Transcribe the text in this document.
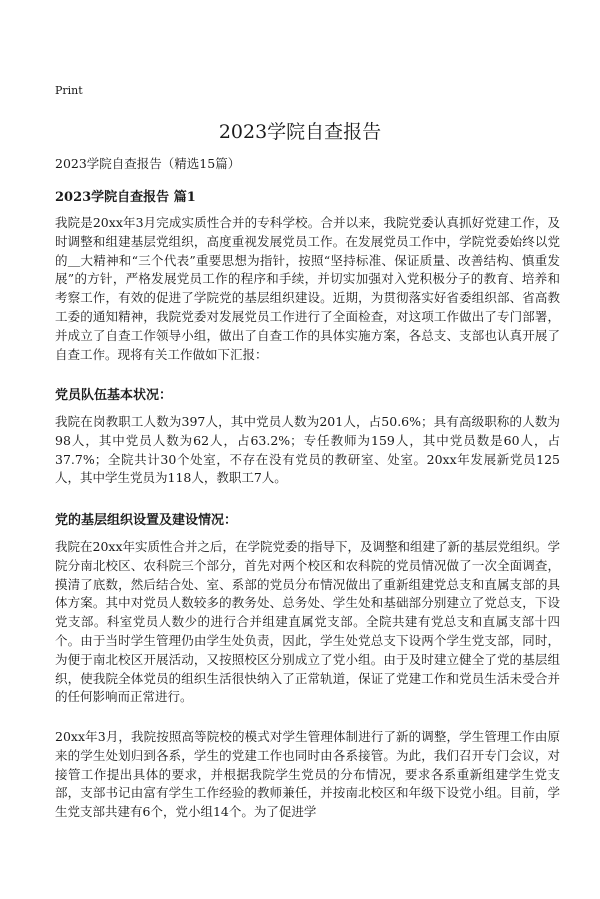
Print
2023学院自查报告
2023学院自查报告（精选15篇）
2023学院自查报告 篇1

我院是20xx年3月完成实质性合并的专科学校。合并以来，我院党委认真抓好党建工作，及时调整和组建基层党组织，高度重视发展党员工作。在发展党员工作中，学院党委始终以党的＿大精神和“三个代表”重要思想为指针，按照“坚持标准、保证质量、改善结构、慎重发展”的方针，严格发展党员工作的程序和手续，并切实加强对入党积极分子的教育、培养和考察工作，有效的促进了学院党的基层组织建设。近期，为贯彻落实好省委组织部、省高教工委的通知精神，我院党委对发展党员工作进行了全面检查，对这项工作做出了专门部署，并成立了自查工作领导小组，做出了自查工作的具体实施方案，各总支、支部也认真开展了自查工作。现将有关工作做如下汇报：

党员队伍基本状况：

我院在岗教职工人数为397人，其中党员人数为201人，占50.6%；具有高级职称的人数为98人，其中党员人数为62人，占63.2%；专任教师为159人，其中党员数是60人，占37.7%；全院共计30个处室，不存在没有党员的教研室、处室。20xx年发展新党员125人，其中学生党员为118人，教职工7人。

党的基层组织设置及建设情况：

我院在20xx年实质性合并之后，在学院党委的指导下，及调整和组建了新的基层党组织。学院分南北校区、农科院三个部分，首先对两个校区和农科院的党员情况做了一次全面调查，摸清了底数，然后结合处、室、系部的党员分布情况做出了重新组建党总支和直属支部的具体方案。其中对党员人数较多的教务处、总务处、学生处和基础部分别建立了党总支，下设党支部。科室党员人数少的进行合并组建直属党支部。全院共建有党总支和直属支部十四个。由于当时学生管理仍由学生处负责，因此，学生处党总支下设两个学生党支部，同时，为便于南北校区开展活动，又按照校区分别成立了党小组。由于及时建立健全了党的基层组织，使我院全体党员的组织生活很快纳入了正常轨道，保证了党建工作和党员生活未受合并的任何影响而正常进行。

20xx年3月，我院按照高等院校的模式对学生管理体制进行了新的调整，学生管理工作由原来的学生处划归到各系，学生的党建工作也同时由各系接管。为此，我们召开专门会议，对接管工作提出具体的要求，并根据我院学生党员的分布情况，要求各系重新组建学生党支部，支部书记由富有学生工作经验的教师兼任，并按南北校区和年级下设党小组。目前，学生党支部共建有6个，党小组14个。为了促进学
